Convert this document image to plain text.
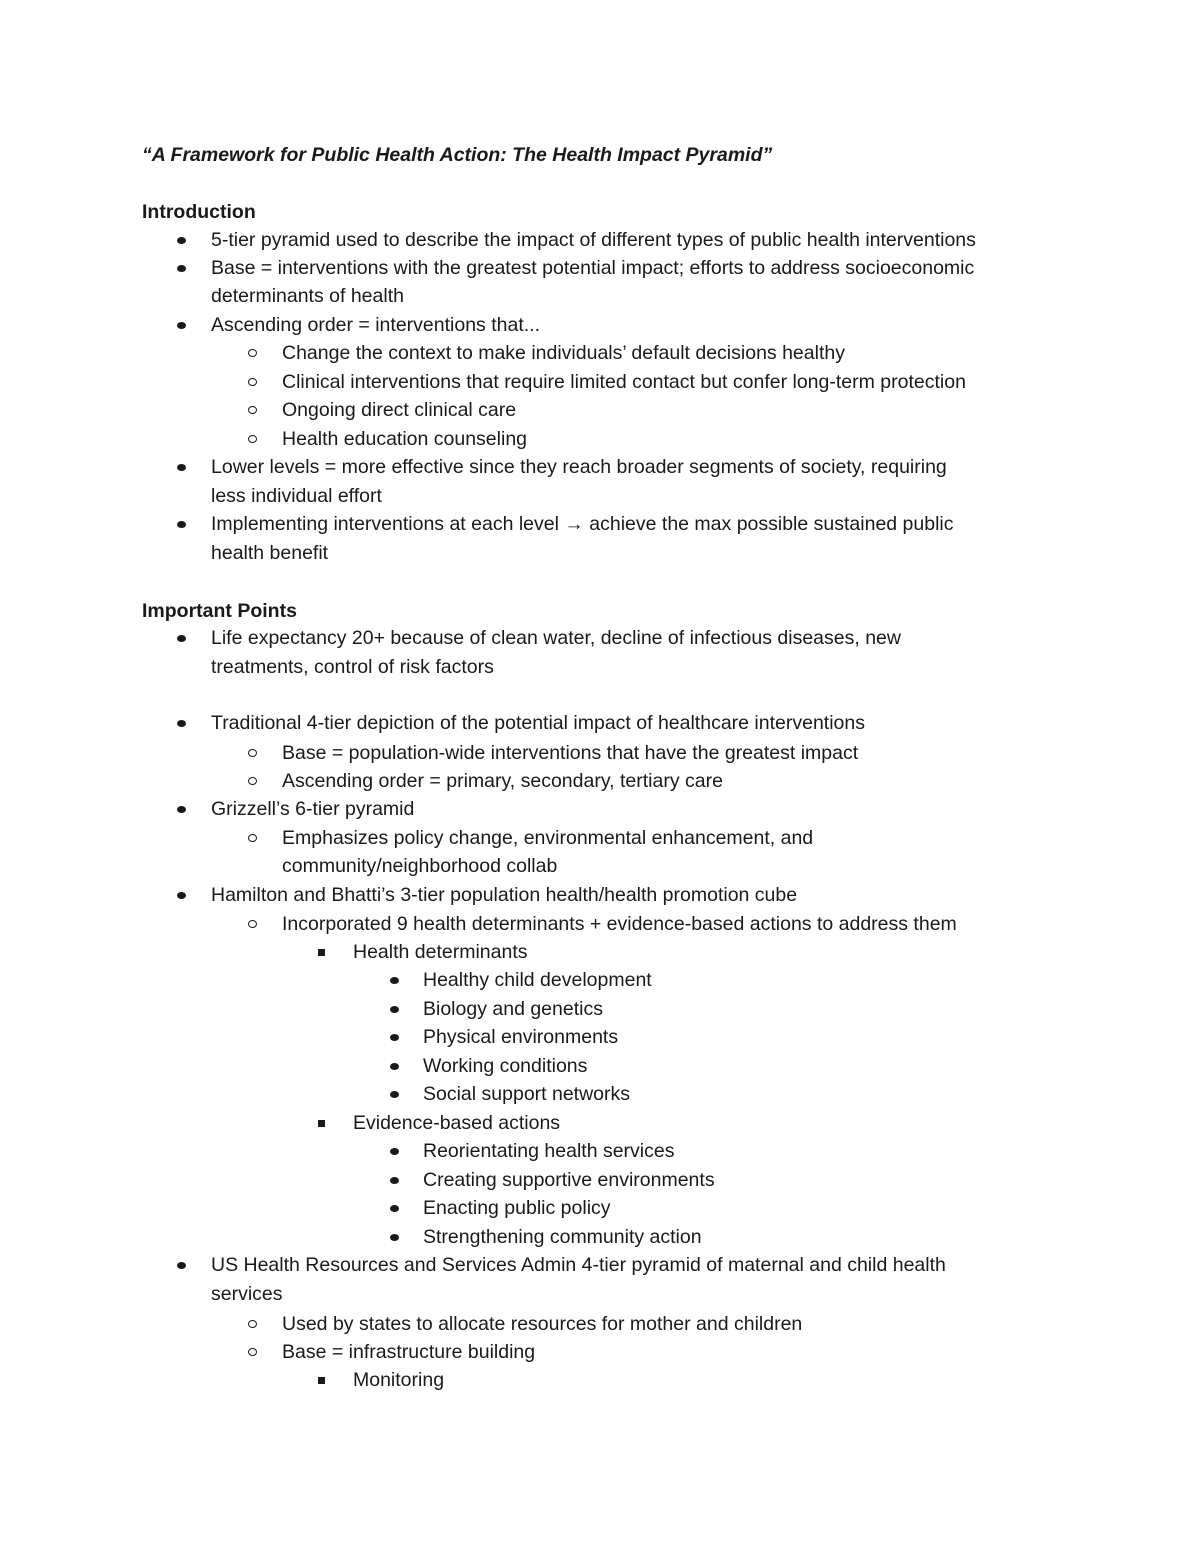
“A Framework for Public Health Action: The Health Impact Pyramid”
Introduction
5-tier pyramid used to describe the impact of different types of public health interventions
Base = interventions with the greatest potential impact; efforts to address socioeconomic
determinants of health
Ascending order = interventions that...
Change the context to make individuals’ default decisions healthy
Clinical interventions that require limited contact but confer long-term protection
Ongoing direct clinical care
Health education counseling
Lower levels = more effective since they reach broader segments of society, requiring
less individual effort
Implementing interventions at each level → achieve the max possible sustained public
health benefit
Important Points
Life expectancy 20+ because of clean water, decline of infectious diseases, new
treatments, control of risk factors
Traditional 4-tier depiction of the potential impact of healthcare interventions
Base = population-wide interventions that have the greatest impact
Ascending order = primary, secondary, tertiary care
Grizzell’s 6-tier pyramid
Emphasizes policy change, environmental enhancement, and
community/neighborhood collab
Hamilton and Bhatti’s 3-tier population health/health promotion cube
Incorporated 9 health determinants + evidence-based actions to address them
Health determinants
Healthy child development
Biology and genetics
Physical environments
Working conditions
Social support networks
Evidence-based actions
Reorientating health services
Creating supportive environments
Enacting public policy
Strengthening community action
US Health Resources and Services Admin 4-tier pyramid of maternal and child health
services
Used by states to allocate resources for mother and children
Base = infrastructure building
Monitoring
